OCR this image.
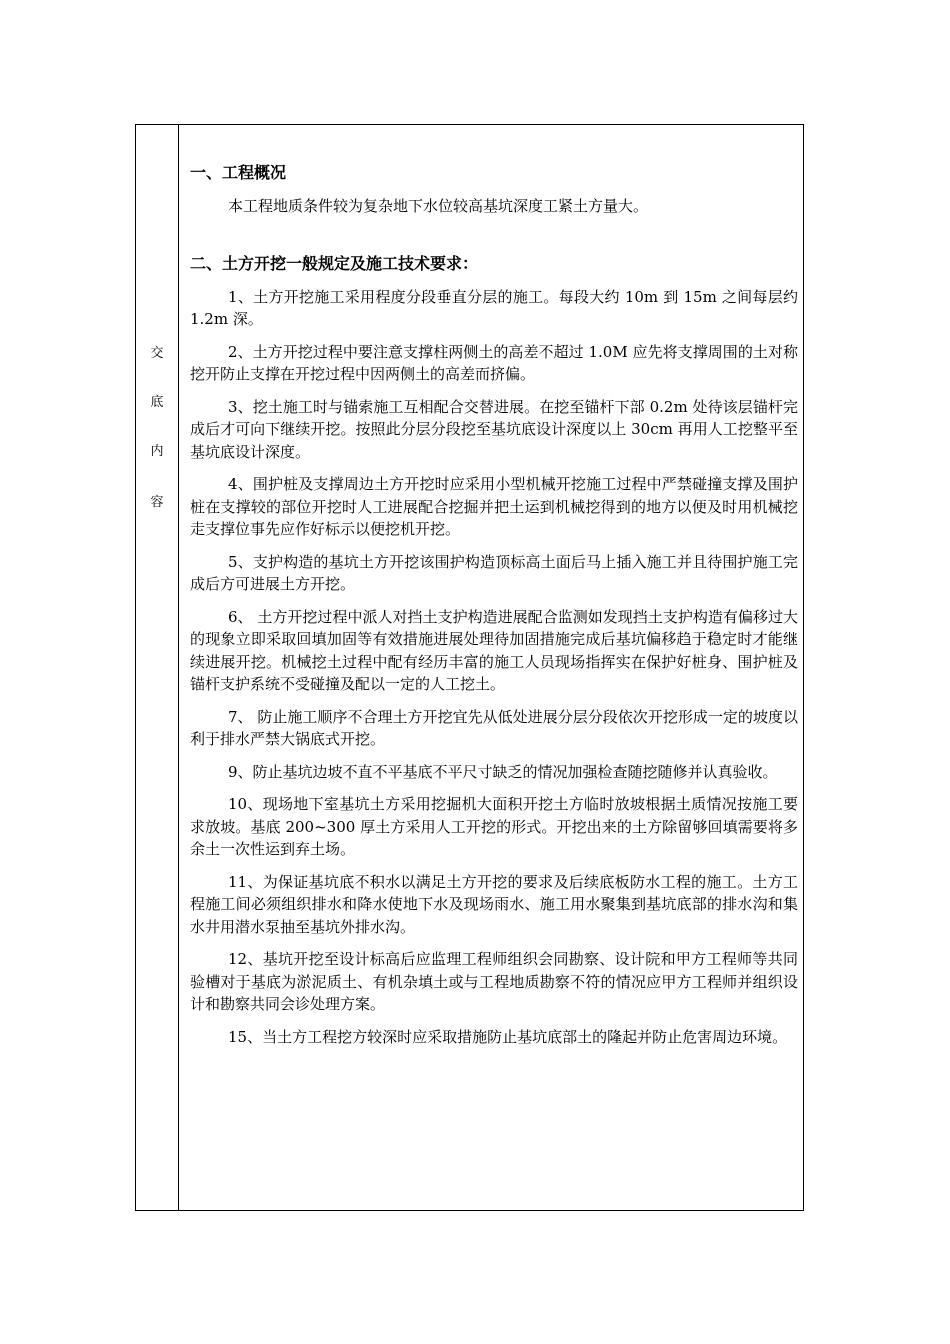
交
底
内
容
一、工程概况

本工程地质条件较为复杂地下水位较高基坑深度工紧土方量大。

二、土方开挖一般规定及施工技术要求：

1、土方开挖施工采用程度分段垂直分层的施工。每段大约 10m 到 15m 之间每层约 1.2m 深。

2、土方开挖过程中要注意支撑柱两侧土的高差不超过 1.0M 应先将支撑周围的土对称挖开防止支撑在开挖过程中因两侧土的高差而挤偏。

3、挖土施工时与锚索施工互相配合交替进展。在挖至锚杆下部 0.2m 处待该层锚杆完成后才可向下继续开挖。按照此分层分段挖至基坑底设计深度以上 30cm 再用人工挖整平至基坑底设计深度。

4、围护桩及支撑周边土方开挖时应采用小型机械开挖施工过程中严禁碰撞支撑及围护桩在支撑较的部位开挖时人工进展配合挖掘并把土运到机械挖得到的地方以便及时用机械挖走支撑位事先应作好标示以便挖机开挖。

5、支护构造的基坑土方开挖该围护构造顶标高土面后马上插入施工并且待围护施工完成后方可进展土方开挖。

6、 土方开挖过程中派人对挡土支护构造进展配合监测如发现挡土支护构造有偏移过大的现象立即采取回填加固等有效措施进展处理待加固措施完成后基坑偏移趋于稳定时才能继续进展开挖。机械挖土过程中配有经历丰富的施工人员现场指挥实在保护好桩身、围护桩及锚杆支护系统不受碰撞及配以一定的人工挖土。

7、 防止施工顺序不合理土方开挖宜先从低处进展分层分段依次开挖形成一定的坡度以利于排水严禁大锅底式开挖。

9、防止基坑边坡不直不平基底不平尺寸缺乏的情况加强检查随挖随修并认真验收。

10、现场地下室基坑土方采用挖掘机大面积开挖土方临时放坡根据土质情况按施工要求放坡。基底 200~300 厚土方采用人工开挖的形式。开挖出来的土方除留够回填需要将多余土一次性运到弃土场。

11、为保证基坑底不积水以满足土方开挖的要求及后续底板防水工程的施工。土方工程施工间必须组织排水和降水使地下水及现场雨水、施工用水聚集到基坑底部的排水沟和集水井用潜水泵抽至基坑外排水沟。

12、基坑开挖至设计标高后应监理工程师组织会同勘察、设计院和甲方工程师等共同验槽对于基底为淤泥质土、有机杂填土或与工程地质勘察不符的情况应甲方工程师并组织设计和勘察共同会诊处理方案。

15、当土方工程挖方较深时应采取措施防止基坑底部土的隆起并防止危害周边环境。
